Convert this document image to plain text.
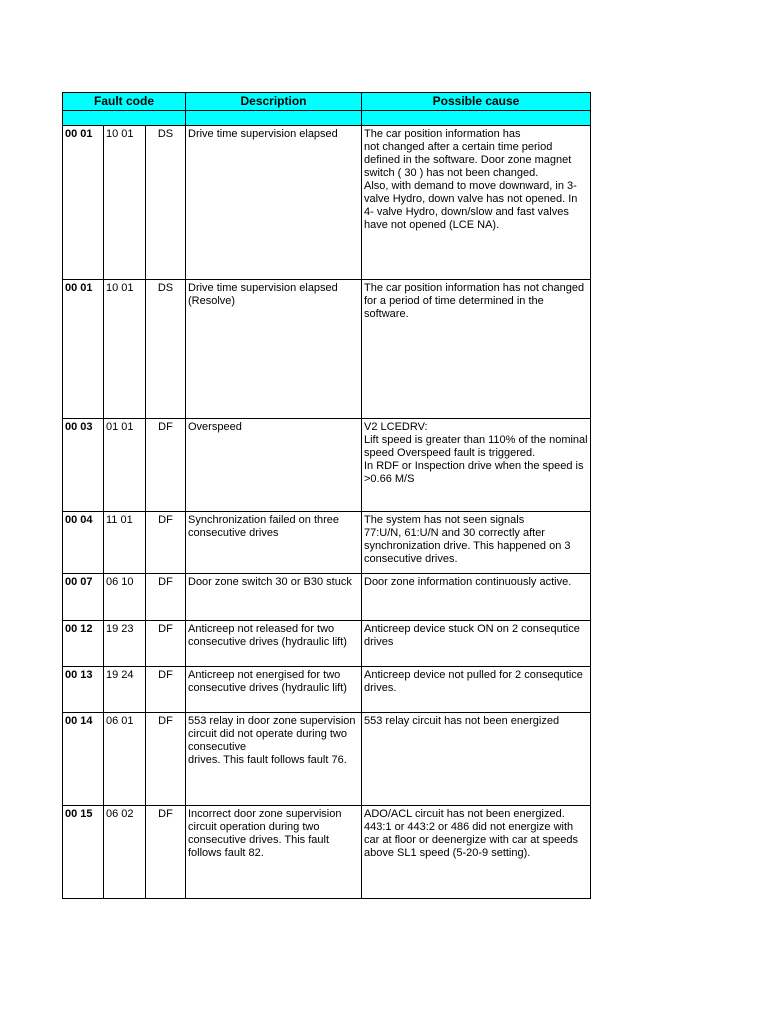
Fault code			Description	Possible cause

00 01	10 01	DS	Drive time supervision elapsed	The car position information has
not changed after a certain time period defined in the software. Door zone magnet switch ( 30 ) has not been changed.
Also, with demand to move downward, in 3-valve Hydro, down valve has not opened. In 4- valve Hydro, down/slow and fast valves have not opened (LCE NA).
00 01	10 01	DS	Drive time supervision elapsed (Resolve)	The car position information has not changed for a period of time determined in the software.
00 03	01 01	DF	Overspeed	V2 LCEDRV:
Lift speed is greater than 110% of the nominal speed Overspeed fault is triggered.
In RDF or Inspection drive when the speed is >0.66 M/S
00 04	11 01	DF	Synchronization failed on three consecutive drives	The system has not seen signals
77:U/N, 61:U/N and 30 correctly after synchronization drive. This happened on 3 consecutive drives.
00 07	06 10	DF	Door zone switch 30 or B30 stuck	Door zone information continuously active.
00 12	19 23	DF	Anticreep not released for two consecutive drives (hydraulic lift)	Anticreep device stuck ON on 2 consequtice drives
00 13	19 24	DF	Anticreep not energised for two consecutive drives (hydraulic lift)	Anticreep device not pulled for 2 consequtice drives.
00 14	06 01	DF	553 relay in door zone supervision circuit did not operate during two consecutive
drives. This fault follows fault 76.	553 relay circuit has not been energized
00 15	06 02	DF	Incorrect door zone supervision circuit operation during two consecutive drives. This fault follows fault 82.	ADO/ACL circuit has not been energized.
443:1 or 443:2 or 486 did not energize with car at floor or deenergize with car at speeds above SL1 speed (5-20-9 setting).
